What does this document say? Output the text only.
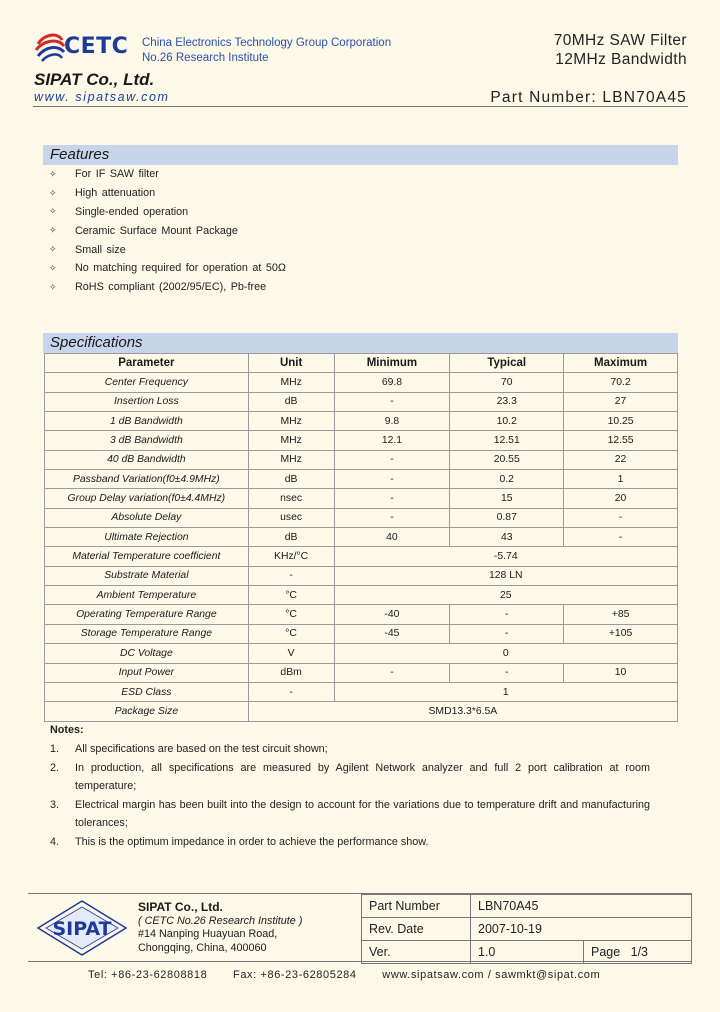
CETC China Electronics Technology Group Corporation
No.26 Research Institute
70MHz SAW Filter
12MHz Bandwidth
SIPAT Co., Ltd.
www. sipatsaw.com	Part Number: LBN70A45
Features
✧	For IF SAW filter
✧	High attenuation
✧	Single-ended operation
✧	Ceramic Surface Mount Package
✧	Small size
✧	No matching required for operation at 50Ω
✧	RoHS compliant (2002/95/EC), Pb-free
Specifications
Parameter	Unit	Minimum	Typical	Maximum
Center Frequency	MHz	69.8	70	70.2
Insertion Loss	dB	-	23.3	27
1 dB Bandwidth	MHz	9.8	10.2	10.25
3 dB Bandwidth	MHz	12.1	12.51	12.55
40 dB Bandwidth	MHz	-	20.55	22
Passband Variation(f0±4.9MHz)	dB	-	0.2	1
Group Delay variation(f0±4.4MHz)	nsec	-	15	20
Absolute Delay	usec	-	0.87	-
Ultimate Rejection	dB	40	43	-
Material Temperature coefficient	KHz/°C	-5.74		
Substrate Material	-	128 LN		
Ambient Temperature	°C	25		
Operating Temperature Range	°C	-40	-	+85
Storage Temperature Range	°C	-45	-	+105
DC Voltage	V	0		
Input Power	dBm	-	-	10
ESD Class	-	1		
Package Size	SMD13.3*6.5A			
Notes:
1.	All specifications are based on the test circuit shown;
2.	In production, all specifications are measured by Agilent Network analyzer and full 2 port calibration at room temperature;
3.	Electrical margin has been built into the design to account for the variations due to temperature drift and manufacturing tolerances;
4.	This is the optimum impedance in order to achieve the performance show.
SIPAT
SIPAT Co., Ltd.
( CETC No.26 Research Institute )
#14 Nanping Huayuan Road,
Chongqing, China, 400060
Part Number	LBN70A45	
Rev. Date	2007-10-19	
Ver.	1.0	Page 1/3
Tel: +86-23-62808818 Fax: +86-23-62805284 www.sipatsaw.com / sawmkt@sipat.com
